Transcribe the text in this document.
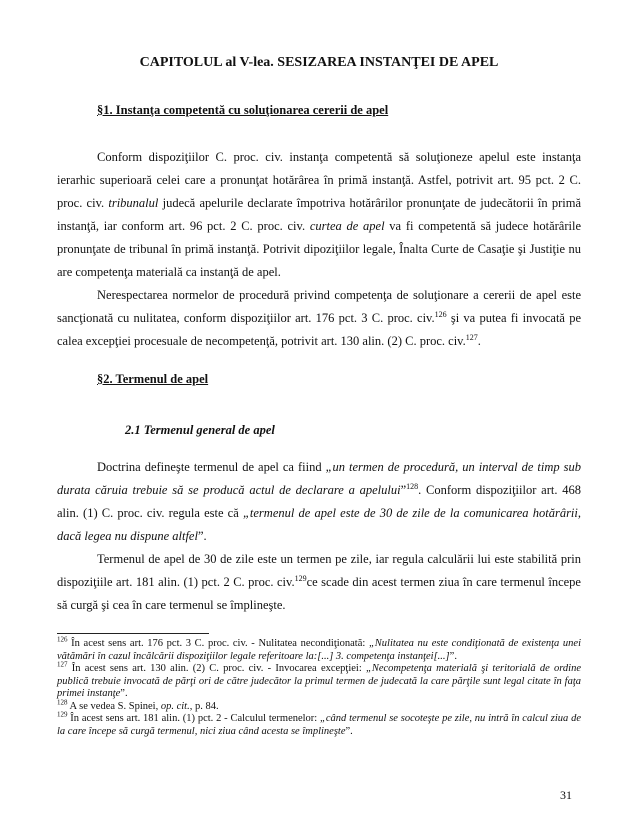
CAPITOLUL al V-lea. SESIZAREA INSTANŢEI DE APEL
§1. Instanţa competentă cu soluţionarea cererii de apel

Conform dispoziţiilor C. proc. civ. instanţa competentă să soluţioneze apelul este instanţa ierarhic superioară celei care a pronunţat hotărârea în primă instanţă. Astfel, potrivit art. 95 pct. 2 C. proc. civ. tribunalul judecă apelurile declarate împotriva hotărârilor pronunţate de judecătorii în primă instanţă, iar conform art. 96 pct. 2 C. proc. civ. curtea de apel va fi competentă să judece hotărârile pronunţate de tribunal în primă instanţă. Potrivit dipoziţiilor legale, Înalta Curte de Casaţie şi Justiţie nu are competenţa materială ca instanţă de apel.

Nerespectarea normelor de procedură privind competenţa de soluţionare a cererii de apel este sancţionată cu nulitatea, conform dispoziţiilor art. 176 pct. 3 C. proc. civ.$^{126}$ şi va putea fi invocată pe calea excepţiei procesuale de necompetenţă, potrivit art. 130 alin. (2) C. proc. civ.$^{127}$.

§2. Termenul de apel
2.1 Termenul general de apel

Doctrina defineşte termenul de apel ca fiind „un termen de procedură, un interval de timp sub durata căruia trebuie să se producă actul de declarare a apelului”$^{128}$. Conform dispoziţiilor art. 468 alin. (1) C. proc. civ. regula este că „termenul de apel este de 30 de zile de la comunicarea hotărârii, dacă legea nu dispune altfel”.

Termenul de apel de 30 de zile este un termen pe zile, iar regula calculării lui este stabilită prin dispoziţiile art. 181 alin. (1) pct. 2 C. proc. civ.$^{129}$ce scade din acest termen ziua în care termenul începe să curgă şi cea în care termenul se împlineşte.

$^{126}$ În acest sens art. 176 pct. 3 C. proc. civ. - Nulitatea necondiţionată: „Nulitatea nu este condiţionată de existenţa unei vătămări în cazul încălcării dispoziţiilor legale referitoare la:[...] 3. competenţa instanţei[...]”.

$^{127}$ În acest sens art. 130 alin. (2) C. proc. civ. - Invocarea excepţiei: „Necompetenţa materială şi teritorială de ordine publică trebuie invocată de părţi ori de către judecător la primul termen de judecată la care părţile sunt legal citate în faţa primei instanţe”.

$^{128}$ A se vedea S. Spinei, op. cit., p. 84.

$^{129}$ În acest sens art. 181 alin. (1) pct. 2 - Calculul termenelor: „când termenul se socoteşte pe zile, nu intră în calcul ziua de la care începe să curgă termenul, nici ziua când acesta se împlineşte”.

31
